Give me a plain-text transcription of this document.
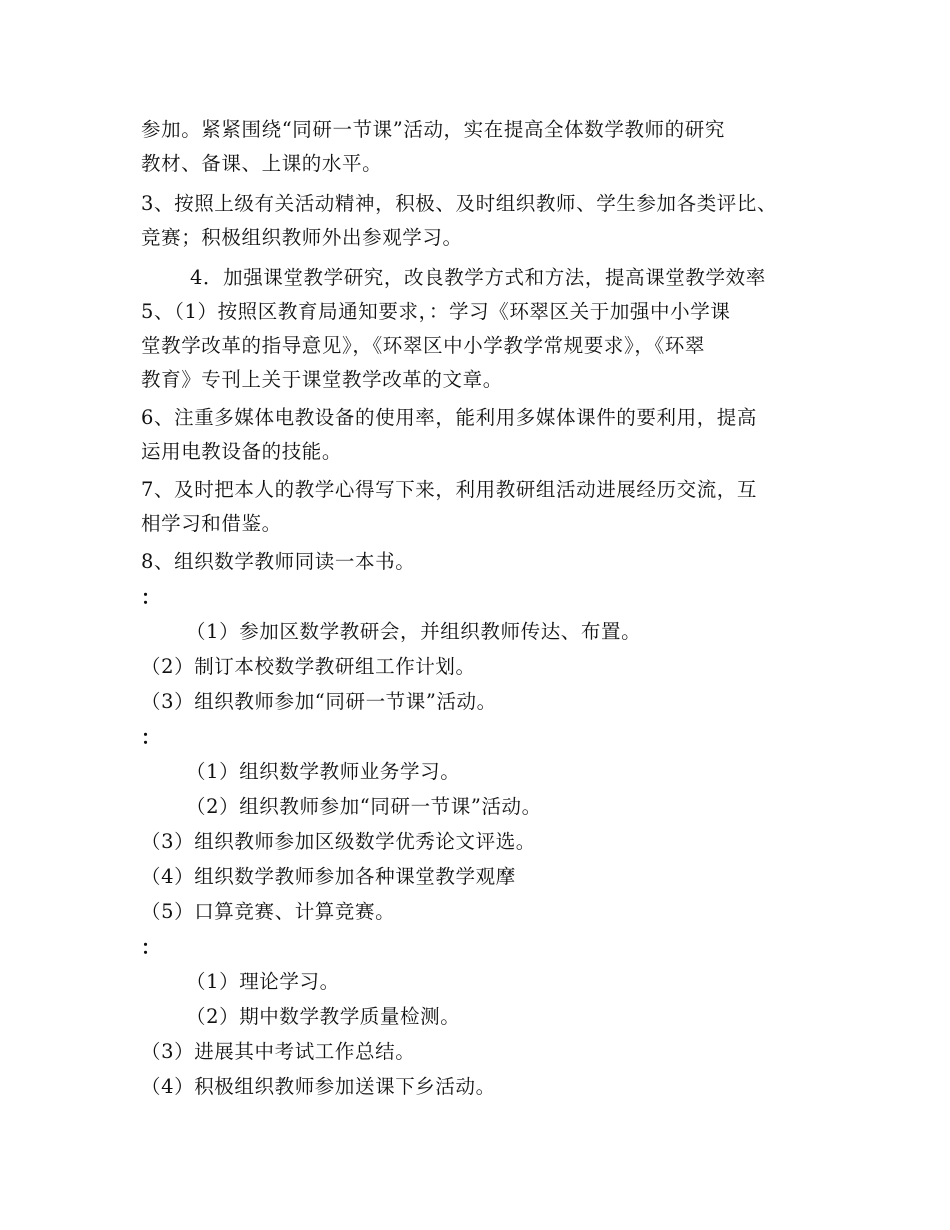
参加。紧紧围绕“同研一节课”活动，实在提高全体数学教师的研究
教材、备课、上课的水平。
3、按照上级有关活动精神，积极、及时组织教师、学生参加各类评比、
竞赛；积极组织教师外出参观学习。
4．加强课堂教学研究，改良教学方式和方法，提高课堂教学效率
5、（1）按照区教育局通知要求，：学习《环翠区关于加强中小学课
堂教学改革的指导意见》，《环翠区中小学教学常规要求》，《环翠
教育》专刊上关于课堂教学改革的文章。
6、注重多媒体电教设备的使用率，能利用多媒体课件的要利用，提高
运用电教设备的技能。
7、及时把本人的教学心得写下来，利用教研组活动进展经历交流，互
相学习和借鉴。
8、组织数学教师同读一本书。
：
（1）参加区数学教研会，并组织教师传达、布置。
（2）制订本校数学教研组工作计划。
（3）组织教师参加“同研一节课”活动。
：
（1）组织数学教师业务学习。
（2）组织教师参加“同研一节课”活动。
（3）组织教师参加区级数学优秀论文评选。
（4）组织数学教师参加各种课堂教学观摩
（5）口算竞赛、计算竞赛。
：
（1）理论学习。
（2）期中数学教学质量检测。
（3）进展其中考试工作总结。
（4）积极组织教师参加送课下乡活动。
